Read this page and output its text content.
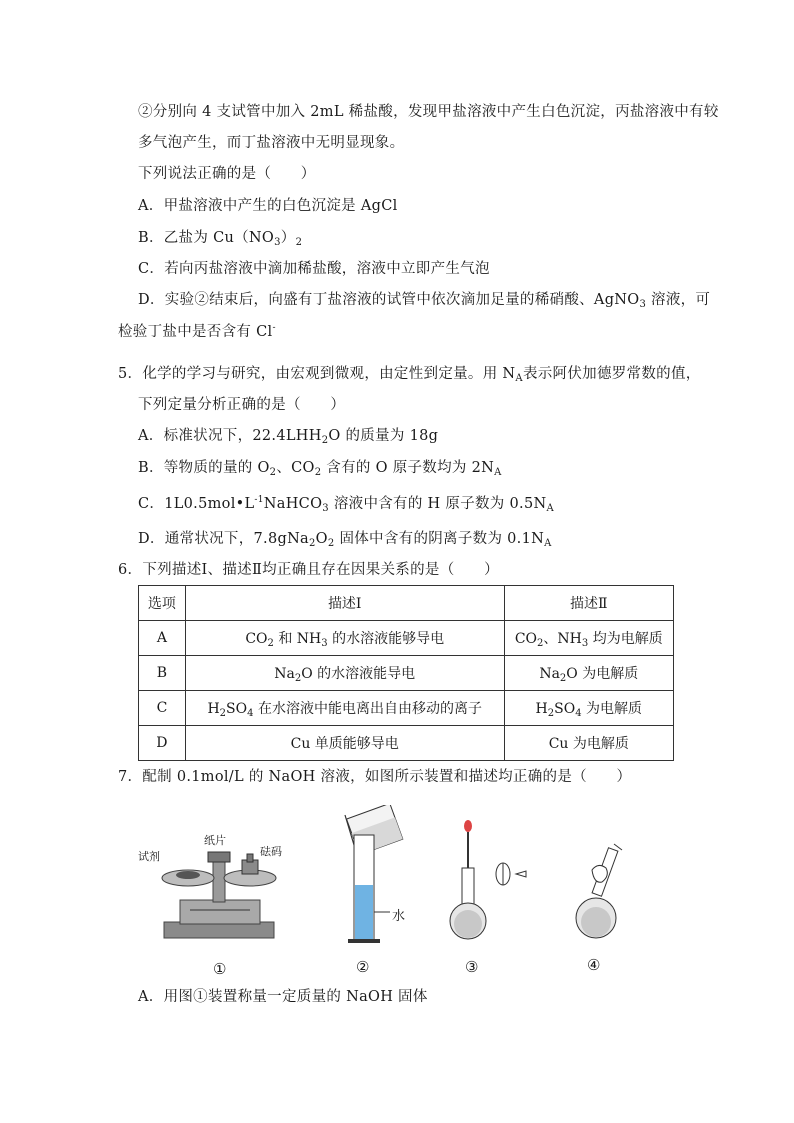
②分别向 4 支试管中加入 2mL 稀盐酸，发现甲盐溶液中产生白色沉淀，丙盐溶液中有较
多气泡产生，而丁盐溶液中无明显现象。
下列说法正确的是（　　）
A．甲盐溶液中产生的白色沉淀是 AgCl
B．乙盐为 $Cu(NO_3)_2$
C．若向丙盐溶液中滴加稀盐酸，溶液中立即产生气泡
D．实验②结束后，向盛有丁盐溶液的试管中依次滴加足量的稀硝酸、AgNO$_3$ 溶液，可
检验丁盐中是否含有 Cl-
5．化学的学习与研究，由宏观到微观，由定性到定量。用 $N_A$表示阿伏加德罗常数的值，
下列定量分析正确的是（　　）
A．标准状况下，$22.4LHH_2O$ 的质量为 18g
B．等物质的量的 $O_2$、$CO_2$ 含有的 O 原子数均为 $2N_A$
C．$1L0.5mol•L^{-1}NaHCO_3$ 溶液中含有的 H 原子数为 $0.5N_A$
D．通常状况下，$7.8gNa_2O_2$ 固体中含有的阴离子数为 $0.1N_A$
6．下列描述Ⅰ、描述Ⅱ均正确且存在因果关系的是（　　）
选项	描述Ⅰ	描述Ⅱ
A	$CO_2$ 和 $NH_3$ 的水溶液能够导电	$CO_2$、$NH_3$ 均为电解质
B	$Na_2O$ 的水溶液能导电	$Na_2O$ 为电解质
C	$H_2SO_4$ 在水溶液中能电离出自由移动的离子	$H_2SO_4$ 为电解质
D	Cu 单质能够导电	Cu 为电解质
7．配制 0.1mol/L 的 NaOH 溶液，如图所示装置和描述均正确的是（　　）
试剂
纸片
砝码
水
①	②	③	④
A．用图①装置称量一定质量的 NaOH 固体
